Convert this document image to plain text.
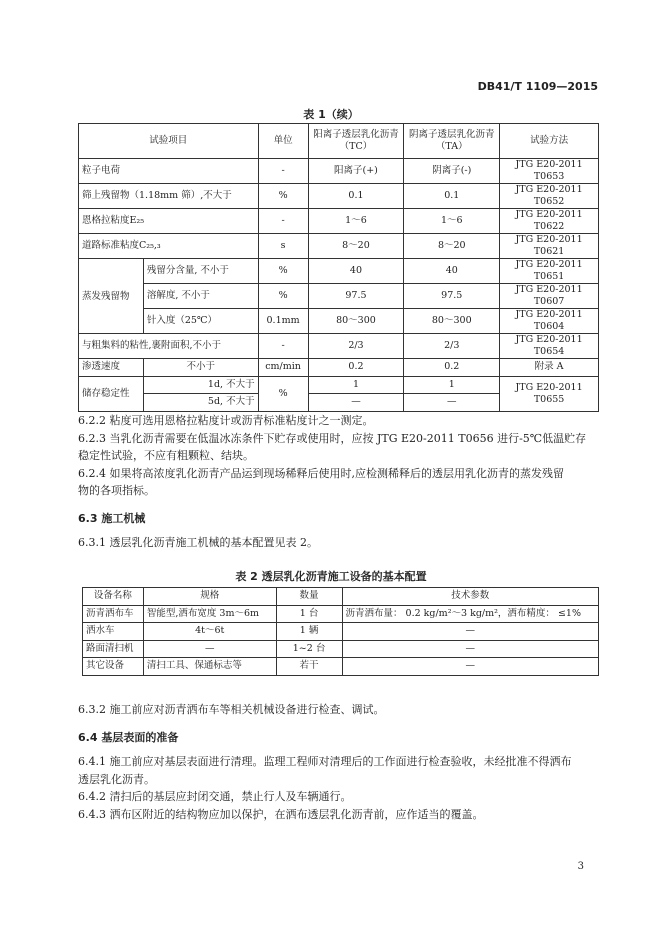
DB41/T 1109—2015
表 1（续）
试验项目		单位	阳离子透层乳化沥青（TC）	阴离子透层乳化沥青（TA）	试验方法
粒子电荷		-	阳离子(+)	阴离子(-)	JTG E20-2011 T0653
筛上残留物（1.18mm 筛）,不大于		%	0.1	0.1	JTG E20-2011 T0652
恩格拉粘度E₂₅		-	1～6	1～6	JTG E20-2011 T0622
道路标准粘度C₂₅,₃		s	8～20	8～20	JTG E20-2011 T0621
蒸发残留物	残留分含量, 不小于	%	40	40	JTG E20-2011 T0651
	溶解度, 不小于	%	97.5	97.5	JTG E20-2011 T0607
	针入度（25℃）	0.1mm	80～300	80～300	JTG E20-2011 T0604
与粗集料的粘性,裹附面积,不小于		-	2/3	2/3	JTG E20-2011 T0654
渗透速度	不小于	cm/min	0.2	0.2	附录 A
储存稳定性	1d, 不大于	%	1	1	JTG E20-2011 T0655
	5d, 不大于		—	—	
6.2.2 粘度可选用恩格拉粘度计或沥青标准粘度计之一测定。
6.2.3 当乳化沥青需要在低温冰冻条件下贮存或使用时，应按 JTG E20-2011 T0656 进行-5℃低温贮存
稳定性试验，不应有粗颗粒、结块。
6.2.4 如果将高浓度乳化沥青产品运到现场稀释后使用时,应检测稀释后的透层用乳化沥青的蒸发残留
物的各项指标。
6.3 施工机械
6.3.1 透层乳化沥青施工机械的基本配置见表 2。
表 2 透层乳化沥青施工设备的基本配置
设备名称	规格	数量	技术参数
沥青洒布车	智能型,洒布宽度 3m～6m	1 台	沥青洒布量： 0.2 kg/m²～3 kg/m²，洒布精度： ≤1%
洒水车	4t～6t	1 辆	—
路面清扫机	—	1~2 台	—
其它设备	清扫工具、保通标志等	若干	—
6.3.2 施工前应对沥青洒布车等相关机械设备进行检查、调试。
6.4 基层表面的准备
6.4.1 施工前应对基层表面进行清理。监理工程师对清理后的工作面进行检查验收，未经批准不得洒布
透层乳化沥青。
6.4.2 清扫后的基层应封闭交通，禁止行人及车辆通行。
6.4.3 洒布区附近的结构物应加以保护，在洒布透层乳化沥青前，应作适当的覆盖。
3
